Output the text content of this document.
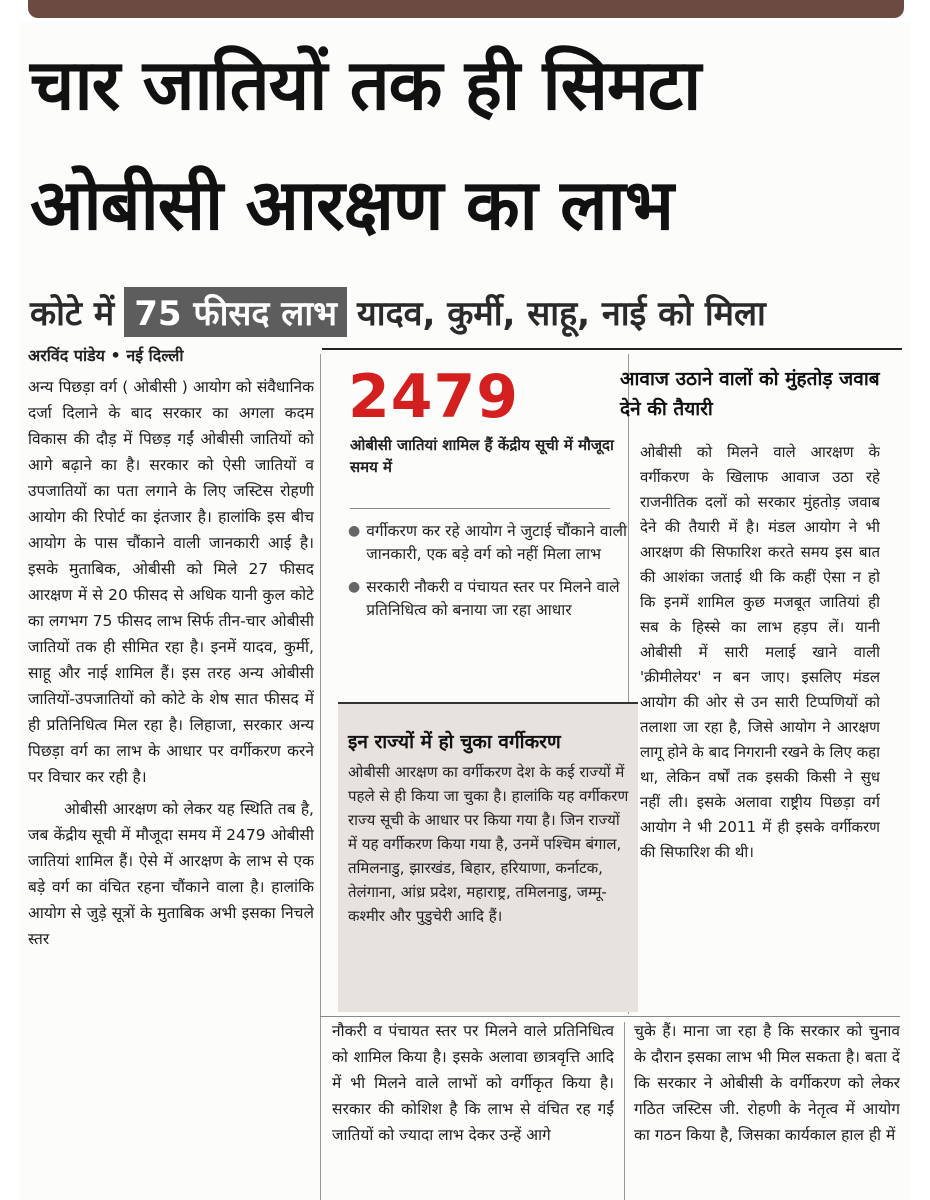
चार जातियों तक ही सिमटा
ओबीसी आरक्षण का लाभ
कोटे में 75 फीसद लाभ यादव, कुर्मी, साहू, नाई को मिला
अरविंद पांडेय • नई दिल्ली

अन्य पिछड़ा वर्ग ( ओबीसी ) आयोग को संवैधानिक दर्जा दिलाने के बाद सरकार का अगला कदम विकास की दौड़ में पिछड़ गईं ओबीसी जातियों को आगे बढ़ाने का है। सरकार को ऐसी जातियों व उपजातियों का पता लगाने के लिए जस्टिस रोहणी आयोग की रिपोर्ट का इंतजार है। हालांकि इस बीच आयोग के पास चौंकाने वाली जानकारी आई है। इसके मुताबिक, ओबीसी को मिले 27 फीसद आरक्षण में से 20 फीसद से अधिक यानी कुल कोटे का लगभग 75 फीसद लाभ सिर्फ तीन-चार ओबीसी जातियों तक ही सीमित रहा है। इनमें यादव, कुर्मी, साहू और नाई शामिल हैं। इस तरह अन्य ओबीसी जातियों-उपजातियों को कोटे के शेष सात फीसद में ही प्रतिनिधित्व मिल रहा है। लिहाजा, सरकार अन्य पिछड़ा वर्ग का लाभ के आधार पर वर्गीकरण करने पर विचार कर रही है।

ओबीसी आरक्षण को लेकर यह स्थिति तब है, जब केंद्रीय सूची में मौजूदा समय में 2479 ओबीसी जातियां शामिल हैं। ऐसे में आरक्षण के लाभ से एक बड़े वर्ग का वंचित रहना चौंकाने वाला है। हालांकि आयोग से जुड़े सूत्रों के मुताबिक अभी इसका निचले स्तर

2479
ओबीसी जातियां शामिल हैं केंद्रीय सूची में मौजूदा समय में
● वर्गीकरण कर रहे आयोग ने जुटाई चौंकाने वाली जानकारी, एक बड़े वर्ग को नहीं मिला लाभ
● सरकारी नौकरी व पंचायत स्तर पर मिलने वाले प्रतिनिधित्व को बनाया जा रहा आधार
इन राज्यों में हो चुका वर्गीकरण
ओबीसी आरक्षण का वर्गीकरण देश के कई राज्यों में पहले से ही किया जा चुका है। हालांकि यह वर्गीकरण राज्य सूची के आधार पर किया गया है। जिन राज्यों में यह वर्गीकरण किया गया है, उनमें पश्चिम बंगाल, तमिलनाडु, झारखंड, बिहार, हरियाणा, कर्नाटक, तेलंगाना, आंध्र प्रदेश, महाराष्ट्र, तमिलनाडु, जम्मू-कश्मीर और पुडुचेरी आदि हैं।
आवाज उठाने वालों को मुंहतोड़ जवाब देने की तैयारी
ओबीसी को मिलने वाले आरक्षण के वर्गीकरण के खिलाफ आवाज उठा रहे राजनीतिक दलों को सरकार मुंहतोड़ जवाब देने की तैयारी में है। मंडल आयोग ने भी आरक्षण की सिफारिश करते समय इस बात की आशंका जताई थी कि कहीं ऐसा न हो कि इनमें शामिल कुछ मजबूत जातियां ही सब के हिस्से का लाभ हड़प लें। यानी ओबीसी में सारी मलाई खाने वाली 'क्रीमीलेयर' न बन जाए। इसलिए मंडल आयोग की ओर से उन सारी टिप्पणियों को तलाशा जा रहा है, जिसे आयोग ने आरक्षण लागू होने के बाद निगरानी रखने के लिए कहा था, लेकिन वर्षों तक इसकी किसी ने सुध नहीं ली। इसके अलावा राष्ट्रीय पिछड़ा वर्ग आयोग ने भी 2011 में ही इसके वर्गीकरण की सिफारिश की थी।
नौकरी व पंचायत स्तर पर मिलने वाले प्रतिनिधित्व को शामिल किया है। इसके अलावा छात्रवृत्ति आदि में भी मिलने वाले लाभों को वर्गीकृत किया है। सरकार की कोशिश है कि लाभ से वंचित रह गईं जातियों को ज्यादा लाभ देकर उन्हें आगे
चुके हैं। माना जा रहा है कि सरकार को चुनाव के दौरान इसका लाभ भी मिल सकता है। बता दें कि सरकार ने ओबीसी के वर्गीकरण को लेकर गठित जस्टिस जी. रोहणी के नेतृत्व में आयोग का गठन किया है, जिसका कार्यकाल हाल ही में
